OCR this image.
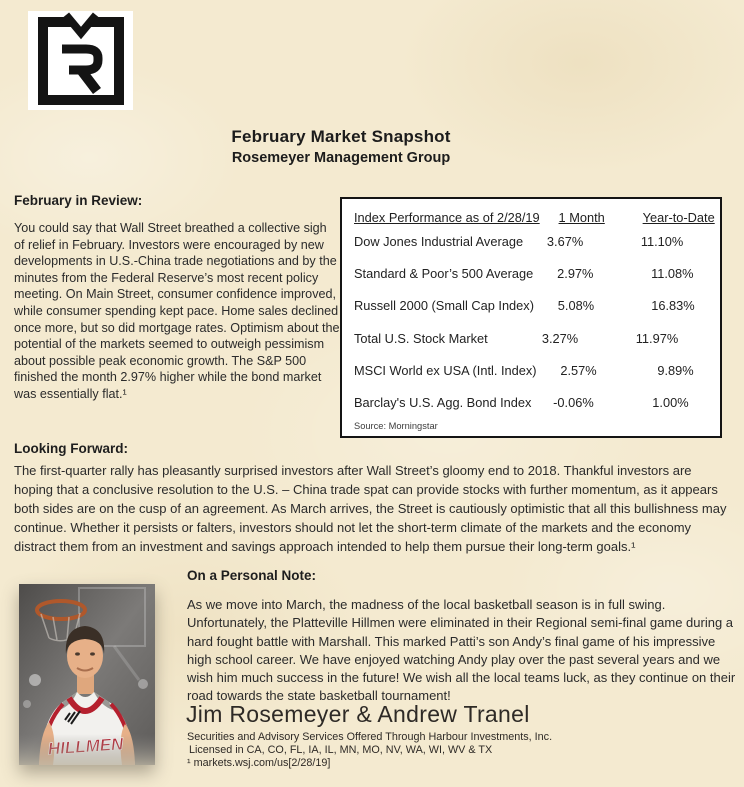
February Market Snapshot
Rosemeyer Management Group
February in Review:
You could say that Wall Street breathed a collective sigh of relief in February. Investors were encouraged by new developments in U.S.-China trade negotiations and by the minutes from the Federal Reserve’s most recent policy meeting. On Main Street, consumer confidence improved, while consumer spending kept pace. Home sales declined once more, but so did mortgage rates. Optimism about the potential of the markets seemed to outweigh pessimism about possible peak economic growth. The S&P 500 finished the month 2.97% higher while the bond market was essentially flat.¹
Index Performance as of 2/28/19	1 Month	Year-to-Date
Dow Jones Industrial Average	3.67%	11.10%
Standard & Poor’s 500 Average	2.97%	11.08%
Russell 2000 (Small Cap Index)	5.08%	16.83%
Total U.S. Stock Market	3.27%	11.97%
MSCI World ex USA (Intl. Index)	2.57%	9.89%
Barclay's U.S. Agg. Bond Index	-0.06%	1.00%
Source: Morningstar
Looking Forward:
The first-quarter rally has pleasantly surprised investors after Wall Street’s gloomy end to 2018. Thankful investors are hoping that a conclusive resolution to the U.S. – China trade spat can provide stocks with further momentum, as it appears both sides are on the cusp of an agreement. As March arrives, the Street is cautiously optimistic that all this bullishness may continue. Whether it persists or falters, investors should not let the short-term climate of the markets and the economy distract them from an investment and savings approach intended to help them pursue their long-term goals.¹
On a Personal Note:
As we move into March, the madness of the local basketball season is in full swing. Unfortunately, the Platteville Hillmen were eliminated in their Regional semi-final game during a hard fought battle with Marshall. This marked Patti’s son Andy’s final game of his impressive high school career. We have enjoyed watching Andy play over the past several years and we wish him much success in the future! We wish all the local teams luck, as they continue on their road towards the state basketball tournament!
Jim Rosemeyer & Andrew Tranel
Securities and Advisory Services Offered Through Harbour Investments, Inc.
Licensed in CA, CO, FL, IA, IL, MN, MO, NV, WA, WI, WV & TX
¹ markets.wsj.com/us[2/28/19]
